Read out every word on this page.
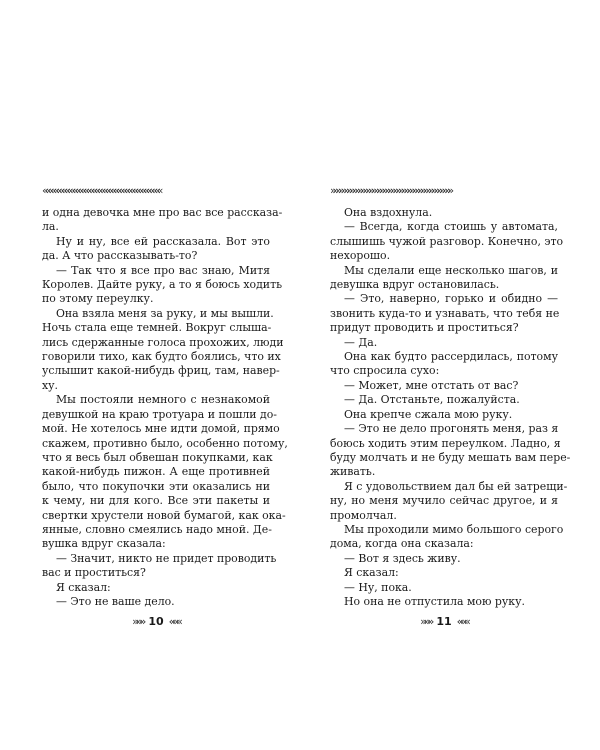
«««««««««««««««««««««««««««««««««««««««««««	»»»»»»»»»»»»»»»»»»»»»»»»»»»»»»»»»»»»»»»»»»»»
и одна девочка мне про вас все рассказа-
ла.
Ну и ну, все ей рассказала. Вот это
да. А что рассказывать-то?
— Так что я все про вас знаю, Митя
Королев. Дайте руку, а то я боюсь ходить
по этому переулку.
Она взяла меня за руку, и мы вышли.
Ночь стала еще темней. Вокруг слыша-
лись сдержанные голоса прохожих, люди
говорили тихо, как будто боялись, что их
услышит какой-нибудь фриц, там, навер-
ху.
Мы постояли немного с незнакомой
девушкой на краю тротуара и пошли до-
мой. Не хотелось мне идти домой, прямо
скажем, противно было, особенно потому,
что я весь был обвешан покупками, как
какой-нибудь пижон. А еще противней
было, что покупочки эти оказались ни
к чему, ни для кого. Все эти пакеты и
свертки хрустели новой бумагой, как ока-
янные, словно смеялись надо мной. Де-
вушка вдруг сказала:
— Значит, никто не придет проводить
вас и проститься?
Я сказал:
— Это не ваше дело.
Она вздохнула.
— Всегда, когда стоишь у автомата,
слышишь чужой разговор. Конечно, это
нехорошо.
Мы сделали еще несколько шагов, и
девушка вдруг остановилась.
— Это, наверно, горько и обидно —
звонить куда-то и узнавать, что тебя не
придут проводить и проститься?
— Да.
Она как будто рассердилась, потому
что спросила сухо:
— Может, мне отстать от вас?
— Да. Отстаньте, пожалуйста.
Она крепче сжала мою руку.
— Это не дело прогонять меня, раз я
боюсь ходить этим переулком. Ладно, я
буду молчать и не буду мешать вам пере-
живать.
Я с удовольствием дал бы ей затрещи-
ну, но меня мучило сейчас другое, и я
промолчал.
Мы проходили мимо большого серого
дома, когда она сказала:
— Вот я здесь живу.
Я сказал:
— Ну, пока.
Но она не отпустила мою руку.
»»» 10 «««	»»» 11 «««
